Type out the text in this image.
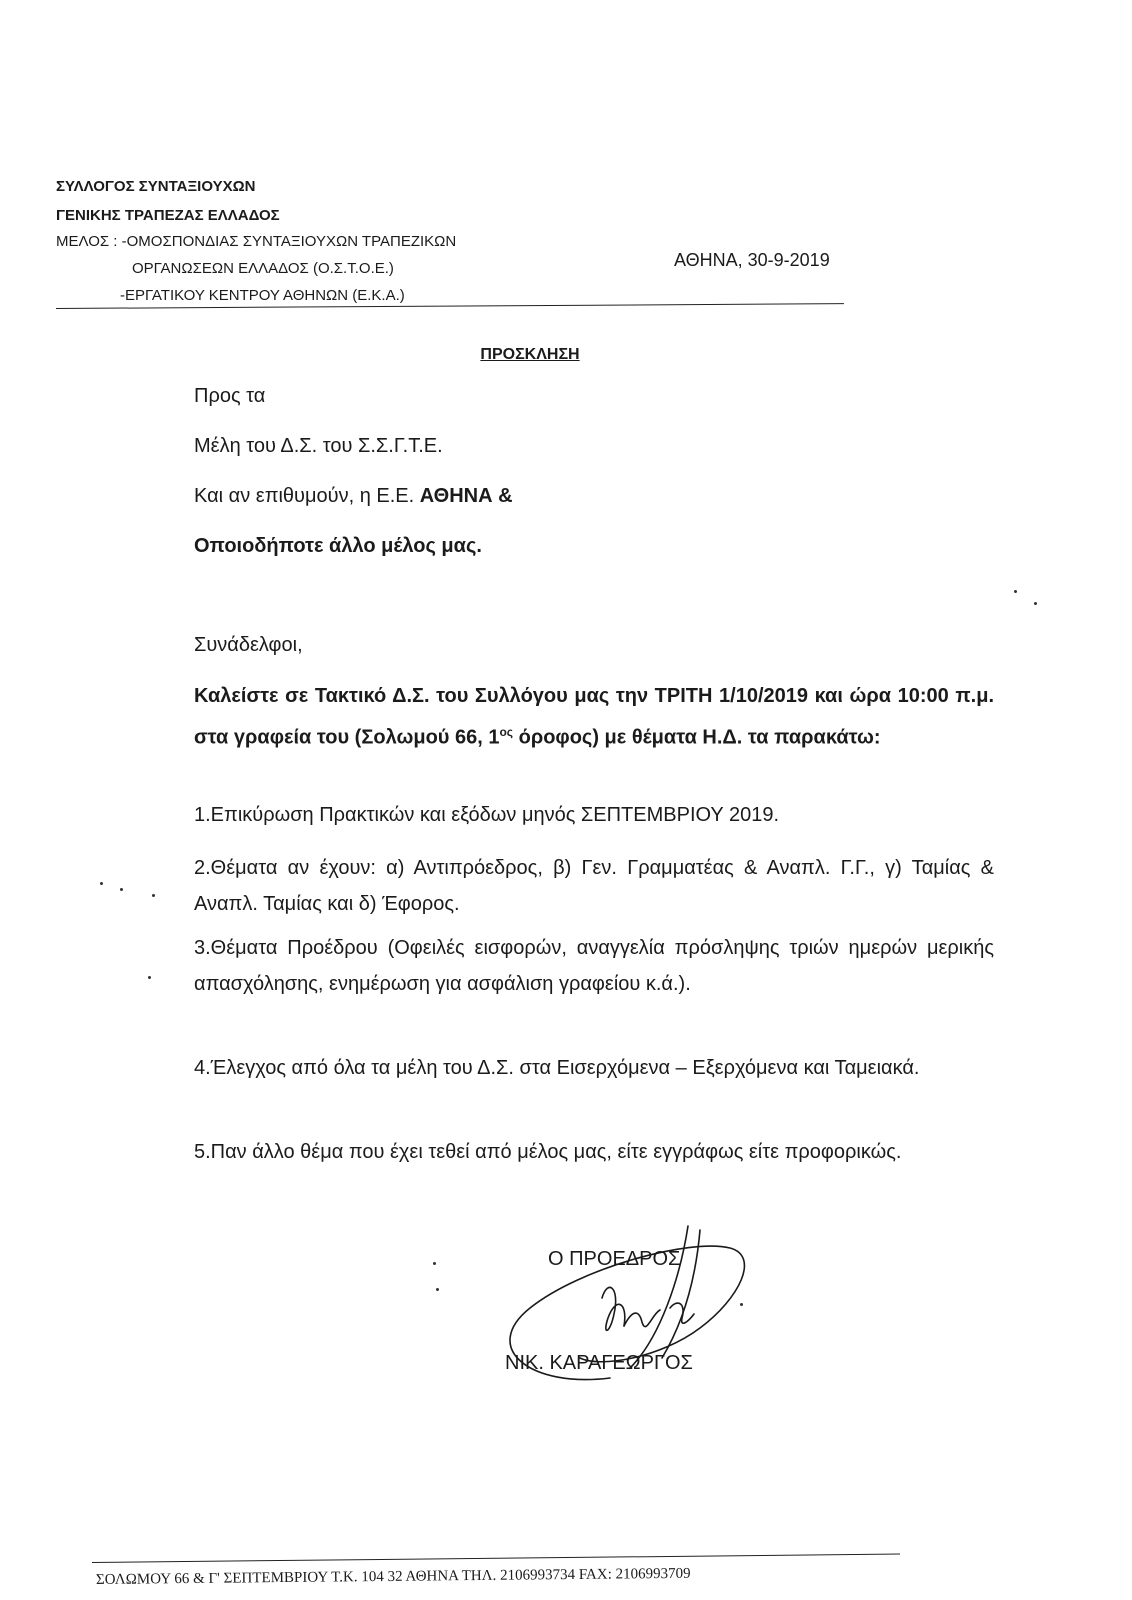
ΣΥΛΛΟΓΟΣ ΣΥΝΤΑΞΙΟΥΧΩΝ
ΓΕΝΙΚΗΣ ΤΡΑΠΕΖΑΣ ΕΛΛΑΔΟΣ
ΜΕΛΟΣ : -ΟΜΟΣΠΟΝΔΙΑΣ ΣΥΝΤΑΞΙΟΥΧΩΝ ΤΡΑΠΕΖΙΚΩΝ
ΟΡΓΑΝΩΣΕΩΝ ΕΛΛΑΔΟΣ (Ο.Σ.Τ.Ο.Ε.)
-ΕΡΓΑΤΙΚΟΥ ΚΕΝΤΡΟΥ ΑΘΗΝΩΝ (Ε.Κ.Α.)
ΑΘΗΝΑ, 30-9-2019
ΠΡΟΣΚΛΗΣΗ
Προς τα
Μέλη του Δ.Σ. του Σ.Σ.Γ.Τ.Ε.
Και αν επιθυμούν, η Ε.Ε. ΑΘΗΝΑ &
Οποιοδήποτε άλλο μέλος μας.
Συνάδελφοι,
Καλείστε σε Τακτικό Δ.Σ. του Συλλόγου μας την ΤΡΙΤΗ 1/10/2019 και ώρα 10:00 π.μ. στα γραφεία του (Σολωμού 66, $1^{o\varsigma}$ όροφος) με θέματα Η.Δ. τα παρακάτω:
1.Επικύρωση Πρακτικών και εξόδων μηνός ΣΕΠΤΕΜΒΡΙΟΥ 2019.
2.Θέματα αν έχουν: α) Αντιπρόεδρος, β) Γεν. Γραμματέας & Αναπλ. Γ.Γ., γ) Ταμίας & Αναπλ. Ταμίας και δ) Έφορος.
3.Θέματα Προέδρου (Οφειλές εισφορών, αναγγελία πρόσληψης τριών ημερών μερικής απασχόλησης, ενημέρωση για ασφάλιση γραφείου κ.ά.).
4.Έλεγχος από όλα τα μέλη του Δ.Σ. στα Εισερχόμενα – Εξερχόμενα και Ταμειακά.
5.Παν άλλο θέμα που έχει τεθεί από μέλος μας, είτε εγγράφως είτε προφορικώς.
Ο ΠΡΟΕΔΡΟΣ
ΝΙΚ. ΚΑΡΑΓΕΩΡΓΟΣ
ΣΟΛΩΜΟΥ 66 & Γ' ΣΕΠΤΕΜΒΡΙΟΥ Τ.Κ. 104 32 ΑΘΗΝΑ ΤΗΛ. 2106993734 FAX: 2106993709
